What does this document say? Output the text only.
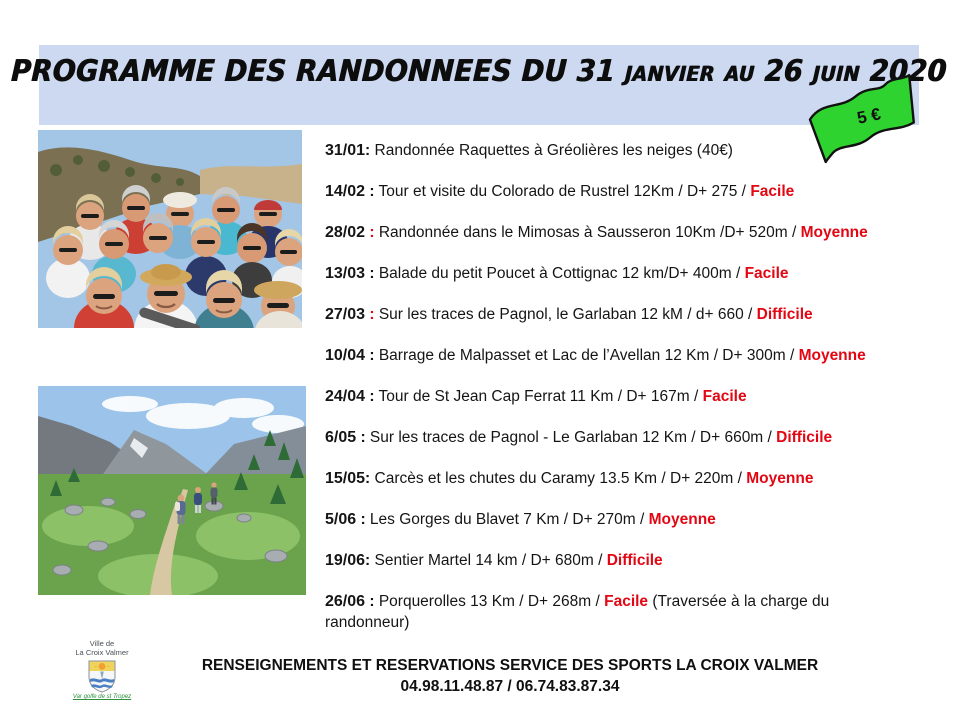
PROGRAMME DES RANDONNEES DU 31 janvier au 26 juin 2020
5 €
31/01: Randonnée Raquettes à Gréolières les neiges (40€)
14/02 : Tour et visite du Colorado de Rustrel 12Km / D+ 275 / Facile
28/02 : Randonnée dans le Mimosas à Sausseron 10Km /D+ 520m / Moyenne
13/03 : Balade du petit Poucet à Cottignac 12 km/D+ 400m / Facile
27/03 : Sur les traces de Pagnol, le Garlaban 12 kM / d+ 660 / Difficile
10/04 : Barrage de Malpasset et Lac de l’Avellan 12 Km / D+ 300m / Moyenne
24/04 : Tour de St Jean Cap Ferrat 11 Km / D+ 167m / Facile
6/05 : Sur les traces de Pagnol - Le Garlaban 12 Km / D+ 660m / Difficile
15/05: Carcès et les chutes du Caramy 13.5 Km / D+ 220m / Moyenne
5/06 : Les Gorges du Blavet 7 Km / D+ 270m / Moyenne
19/06: Sentier Martel 14 km / D+ 680m / Difficile
26/06 : Porquerolles 13 Km / D+ 268m / Facile (Traversée à la charge du randonneur)
Ville de
La Croix Valmer
Var golfe de st Tropez
RENSEIGNEMENTS ET RESERVATIONS SERVICE DES SPORTS LA CROIX VALMER
04.98.11.48.87 / 06.74.83.87.34
